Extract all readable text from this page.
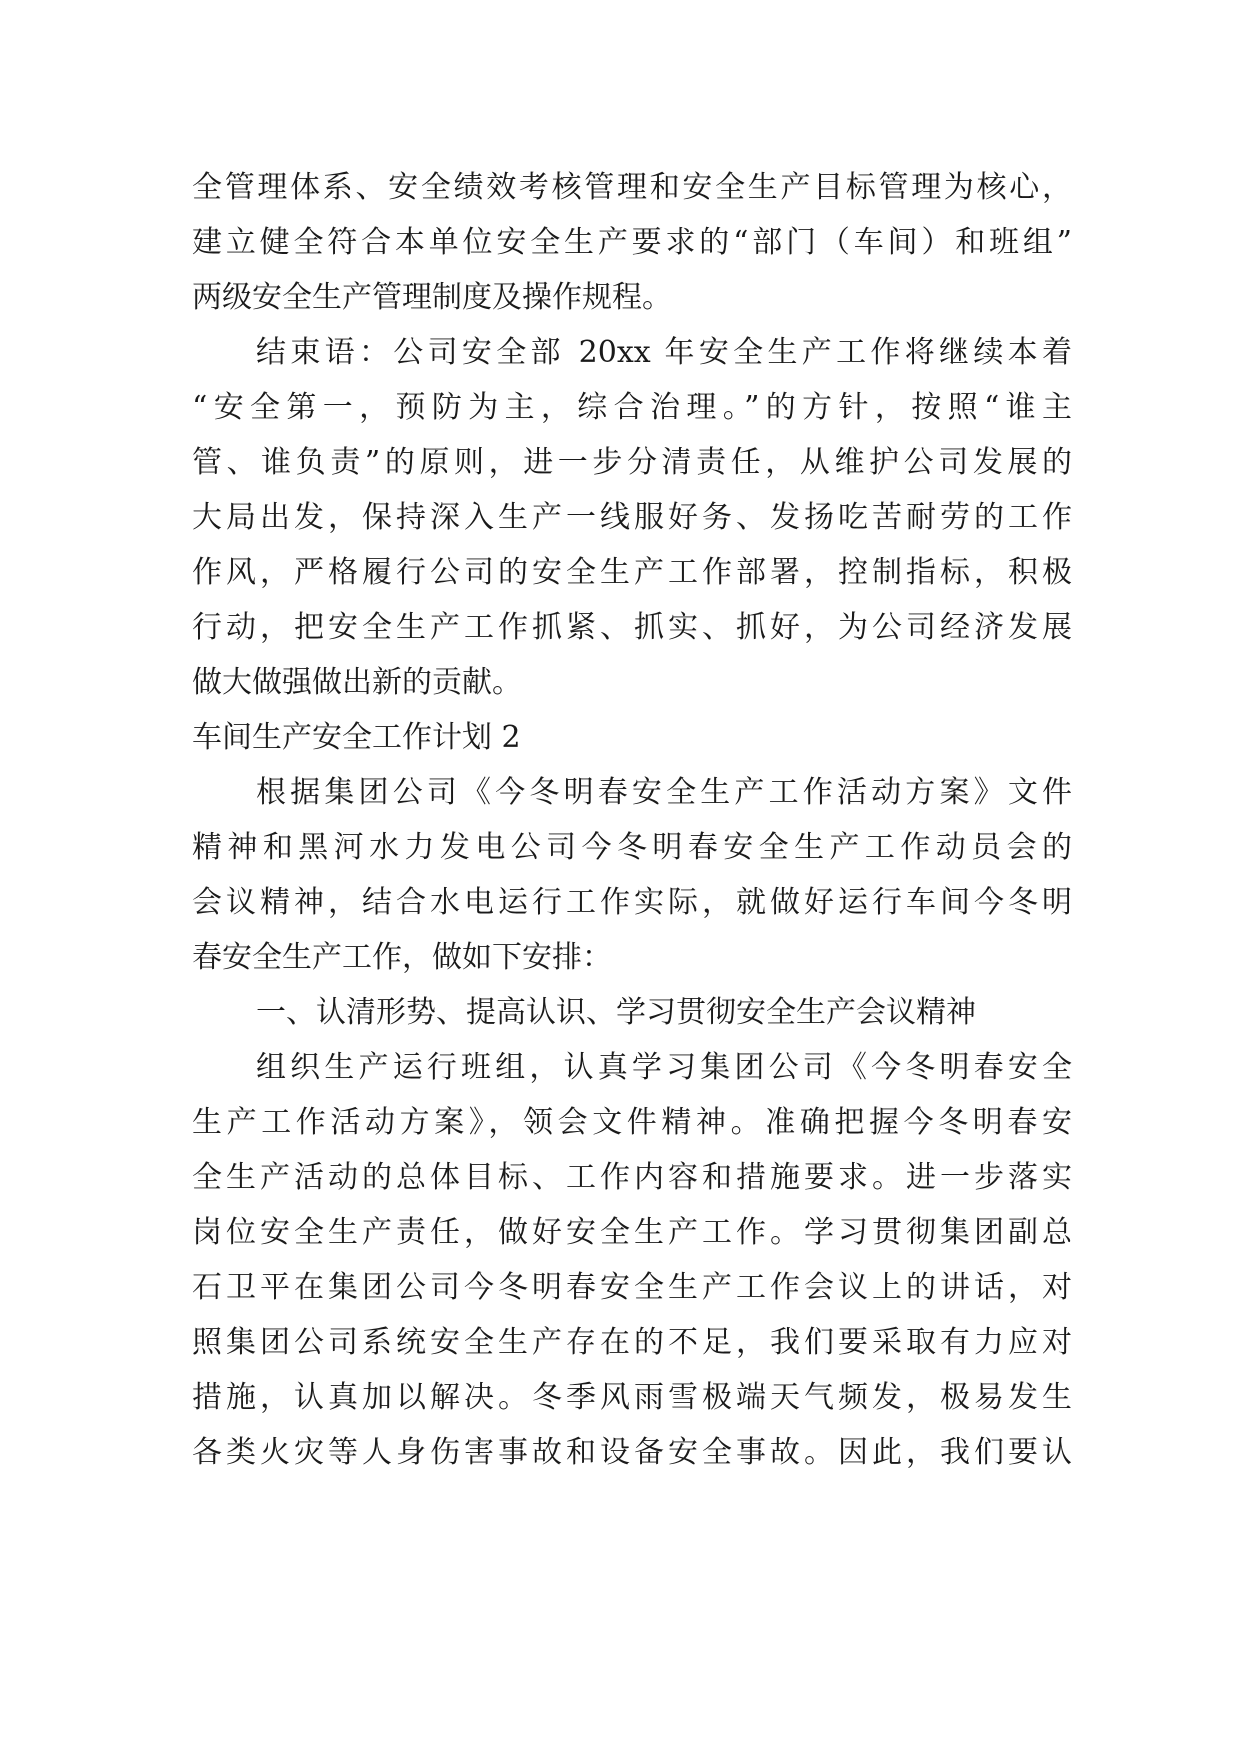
全管理体系、安全绩效考核管理和安全生产目标管理为核心，
建立健全符合本单位安全生产要求的“部门（车间）和班组”
两级安全生产管理制度及操作规程。
结束语：公司安全部 20xx 年安全生产工作将继续本着
“安全第一，预防为主，综合治理。”的方针，按照“谁主
管、谁负责”的原则，进一步分清责任，从维护公司发展的
大局出发，保持深入生产一线服好务、发扬吃苦耐劳的工作
作风，严格履行公司的安全生产工作部署，控制指标，积极
行动，把安全生产工作抓紧、抓实、抓好，为公司经济发展
做大做强做出新的贡献。
车间生产安全工作计划 2
根据集团公司《今冬明春安全生产工作活动方案》文件
精神和黑河水力发电公司今冬明春安全生产工作动员会的
会议精神，结合水电运行工作实际，就做好运行车间今冬明
春安全生产工作，做如下安排：
一、认清形势、提高认识、学习贯彻安全生产会议精神
组织生产运行班组，认真学习集团公司《今冬明春安全
生产工作活动方案》，领会文件精神。准确把握今冬明春安
全生产活动的总体目标、工作内容和措施要求。进一步落实
岗位安全生产责任，做好安全生产工作。学习贯彻集团副总
石卫平在集团公司今冬明春安全生产工作会议上的讲话，对
照集团公司系统安全生产存在的不足，我们要采取有力应对
措施，认真加以解决。冬季风雨雪极端天气频发，极易发生
各类火灾等人身伤害事故和设备安全事故。因此，我们要认
